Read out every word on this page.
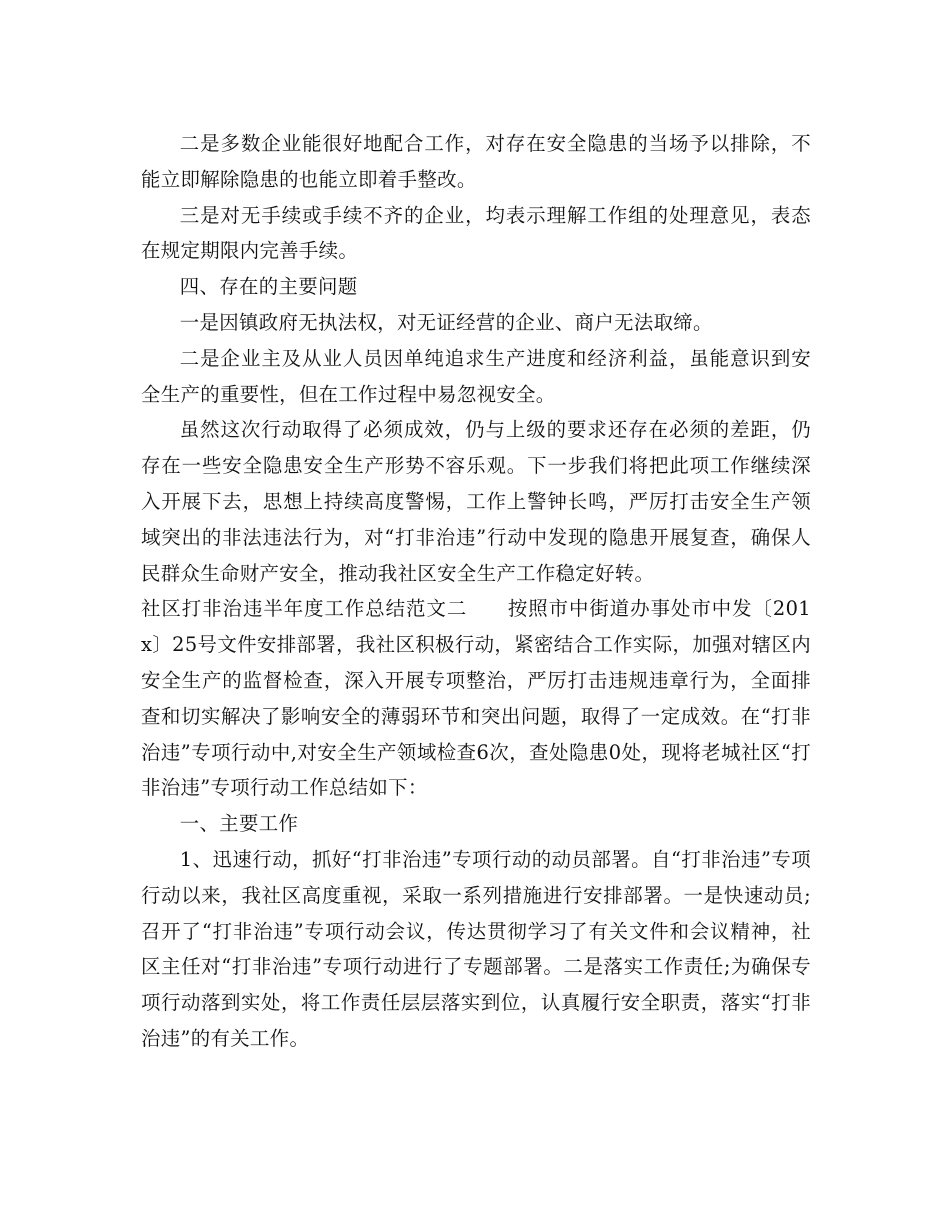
二是多数企业能很好地配合工作，对存在安全隐患的当场予以排除，不能立即解除隐患的也能立即着手整改。

三是对无手续或手续不齐的企业，均表示理解工作组的处理意见，表态在规定期限内完善手续。

四、存在的主要问题

一是因镇政府无执法权，对无证经营的企业、商户无法取缔。

二是企业主及从业人员因单纯追求生产进度和经济利益，虽能意识到安全生产的重要性，但在工作过程中易忽视安全。

虽然这次行动取得了必须成效，仍与上级的要求还存在必须的差距，仍存在一些安全隐患安全生产形势不容乐观。下一步我们将把此项工作继续深入开展下去，思想上持续高度警惕，工作上警钟长鸣，严厉打击安全生产领域突出的非法违法行为，对“打非治违”行动中发现的隐患开展复查，确保人民群众生命财产安全，推动我社区安全生产工作稳定好转。

社区打非治违半年度工作总结范文二 按照市中街道办事处市中发〔201x〕25号文件安排部署，我社区积极行动，紧密结合工作实际，加强对辖区内安全生产的监督检查，深入开展专项整治，严厉打击违规违章行为，全面排查和切实解决了影响安全的薄弱环节和突出问题，取得了一定成效。在“打非治违”专项行动中,对安全生产领域检查6次，查处隐患0处，现将老城社区“打非治违”专项行动工作总结如下：

一、主要工作

1、迅速行动，抓好“打非治违”专项行动的动员部署。自“打非治违”专项行动以来，我社区高度重视，采取一系列措施进行安排部署。一是快速动员;召开了“打非治违”专项行动会议，传达贯彻学习了有关文件和会议精神，社区主任对“打非治违”专项行动进行了专题部署。二是落实工作责任;为确保专项行动落到实处，将工作责任层层落实到位，认真履行安全职责，落实“打非治违”的有关工作。
